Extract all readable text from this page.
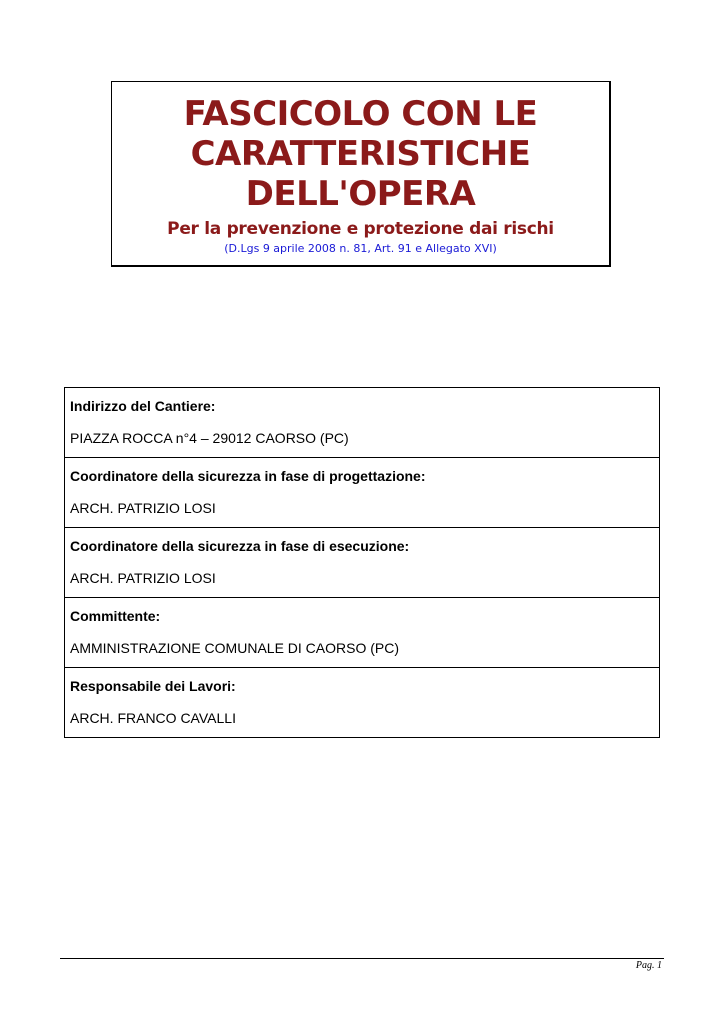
FASCICOLO CON LE

CARATTERISTICHE

DELL'OPERA

Per la prevenzione e protezione dai rischi
(D.Lgs 9 aprile 2008 n. 81, Art. 91 e Allegato XVI)
Indirizzo del Cantiere:
PIAZZA ROCCA n°4 – 29012 CAORSO (PC)

Coordinatore della sicurezza in fase di progettazione:
ARCH. PATRIZIO LOSI

Coordinatore della sicurezza in fase di esecuzione:
ARCH. PATRIZIO LOSI

Committente:
AMMINISTRAZIONE COMUNALE DI CAORSO (PC)

Responsabile dei Lavori:
ARCH. FRANCO CAVALLI
Pag. 1
